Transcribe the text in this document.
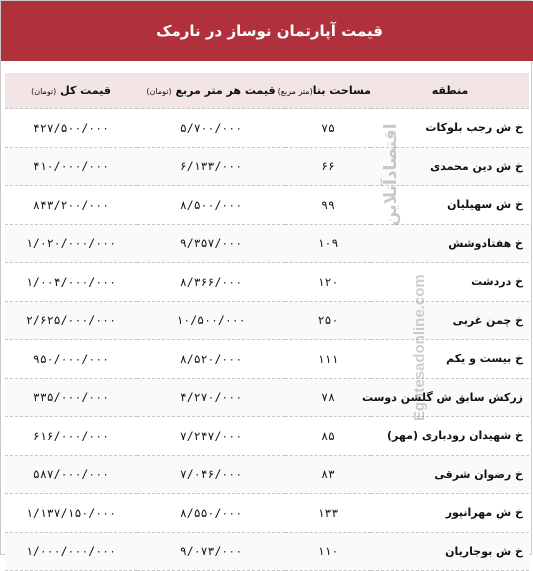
قیمت آپارتمان نوساز در نارمک
منطقه	مساحت بنا(متر مربع)	قیمت هر متر مربع (تومان)	قیمت کل (تومان)
خ ش رجب بلوکات	۷۵	۵/۷۰۰/۰۰۰	۴۲۷/۵۰۰/۰۰۰
خ ش دین محمدی	۶۶	۶/۱۳۳/۰۰۰	۴۱۰/۰۰۰/۰۰۰
خ ش سهیلیان	۹۹	۸/۵۰۰/۰۰۰	۸۴۳/۲۰۰/۰۰۰
خ هفتادوشش	۱۰۹	۹/۳۵۷/۰۰۰	۱/۰۲۰/۰۰۰/۰۰۰
خ دردشت	۱۲۰	۸/۳۶۶/۰۰۰	۱/۰۰۴/۰۰۰/۰۰۰
خ چمن غربی	۲۵۰	۱۰/۵۰۰/۰۰۰	۲/۶۲۵/۰۰۰/۰۰۰
خ بیست و یکم	۱۱۱	۸/۵۲۰/۰۰۰	۹۵۰/۰۰۰/۰۰۰
زرکش سابق ش گلشن دوست	۷۸	۴/۲۷۰/۰۰۰	۳۳۵/۰۰۰/۰۰۰
خ شهیدان رودباری (مهر)	۸۵	۷/۲۴۷/۰۰۰	۶۱۶/۰۰۰/۰۰۰
خ رضوان شرقی	۸۳	۷/۰۴۶/۰۰۰	۵۸۷/۰۰۰/۰۰۰
خ ش مهرانپور	۱۳۳	۸/۵۵۰/۰۰۰	۱/۱۳۷/۱۵۰/۰۰۰
خ ش بوجاریان	۱۱۰	۹/۰۷۳/۰۰۰	۱/۰۰۰/۰۰۰/۰۰۰
اقتصادآنلاین
Eghtesadonline.com
